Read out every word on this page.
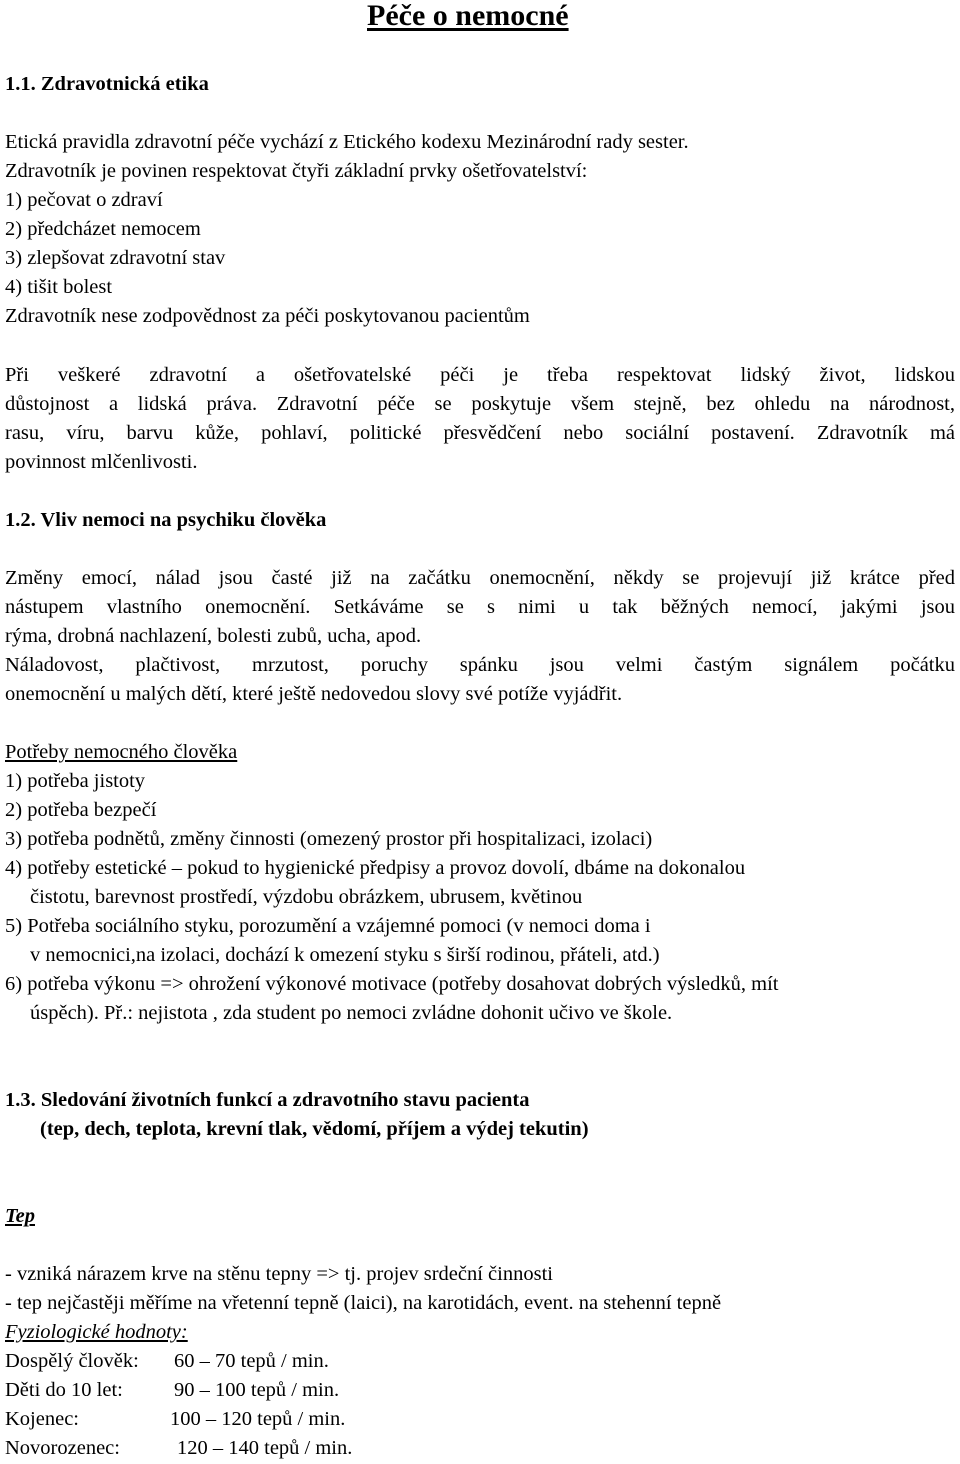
Péče o nemocné
1.1. Zdravotnická etika
Etická pravidla zdravotní péče vychází z Etického kodexu Mezinárodní rady sester.
Zdravotník je povinen respektovat čtyři základní prvky ošetřovatelství:
1) pečovat o zdraví
2) předcházet nemocem
3) zlepšovat zdravotní stav
4) tišit bolest
Zdravotník nese zodpovědnost za péči poskytovanou pacientům
Při veškeré zdravotní a ošetřovatelské péči je třeba respektovat lidský život, lidskou
důstojnost a lidská práva. Zdravotní péče se poskytuje všem stejně, bez ohledu na národnost,
rasu, víru, barvu kůže, pohlaví, politické přesvědčení nebo sociální postavení. Zdravotník má
povinnost mlčenlivosti.
1.2. Vliv nemoci na psychiku člověka
Změny emocí, nálad jsou časté již na začátku onemocnění, někdy se projevují již krátce před
nástupem vlastního onemocnění. Setkáváme se s nimi u tak běžných nemocí, jakými jsou
rýma, drobná nachlazení, bolesti zubů, ucha, apod.
Náladovost, plačtivost, mrzutost, poruchy spánku jsou velmi častým signálem počátku
onemocnění u malých dětí, které ještě nedovedou slovy své potíže vyjádřit.
Potřeby nemocného člověka
1) potřeba jistoty
2) potřeba bezpečí
3) potřeba podnětů, změny činnosti (omezený prostor při hospitalizaci, izolaci)
4) potřeby estetické – pokud to hygienické předpisy a provoz dovolí, dbáme na dokonalou
čistotu, barevnost prostředí, výzdobu obrázkem, ubrusem, květinou
5) Potřeba sociálního styku, porozumění a vzájemné pomoci (v nemoci doma i
v nemocnici,na izolaci, dochází k omezení styku s širší rodinou, přáteli, atd.)
6) potřeba výkonu => ohrožení výkonové motivace (potřeby dosahovat dobrých výsledků, mít
úspěch). Př.: nejistota , zda student po nemoci zvládne dohonit učivo ve škole.
1.3. Sledování životních funkcí a zdravotního stavu pacienta
(tep, dech, teplota, krevní tlak, vědomí, příjem a výdej tekutin)
Tep
- vzniká nárazem krve na stěnu tepny => tj. projev srdeční činnosti
- tep nejčastěji měříme na vřetenní tepně (laici), na karotidách, event. na stehenní tepně
Fyziologické hodnoty:
Dospělý člověk: 60 – 70 tepů / min.
Děti do 10 let: 90 – 100 tepů / min.
Kojenec:	100 – 120 tepů / min.
Novorozenec:	120 – 140 tepů / min.
